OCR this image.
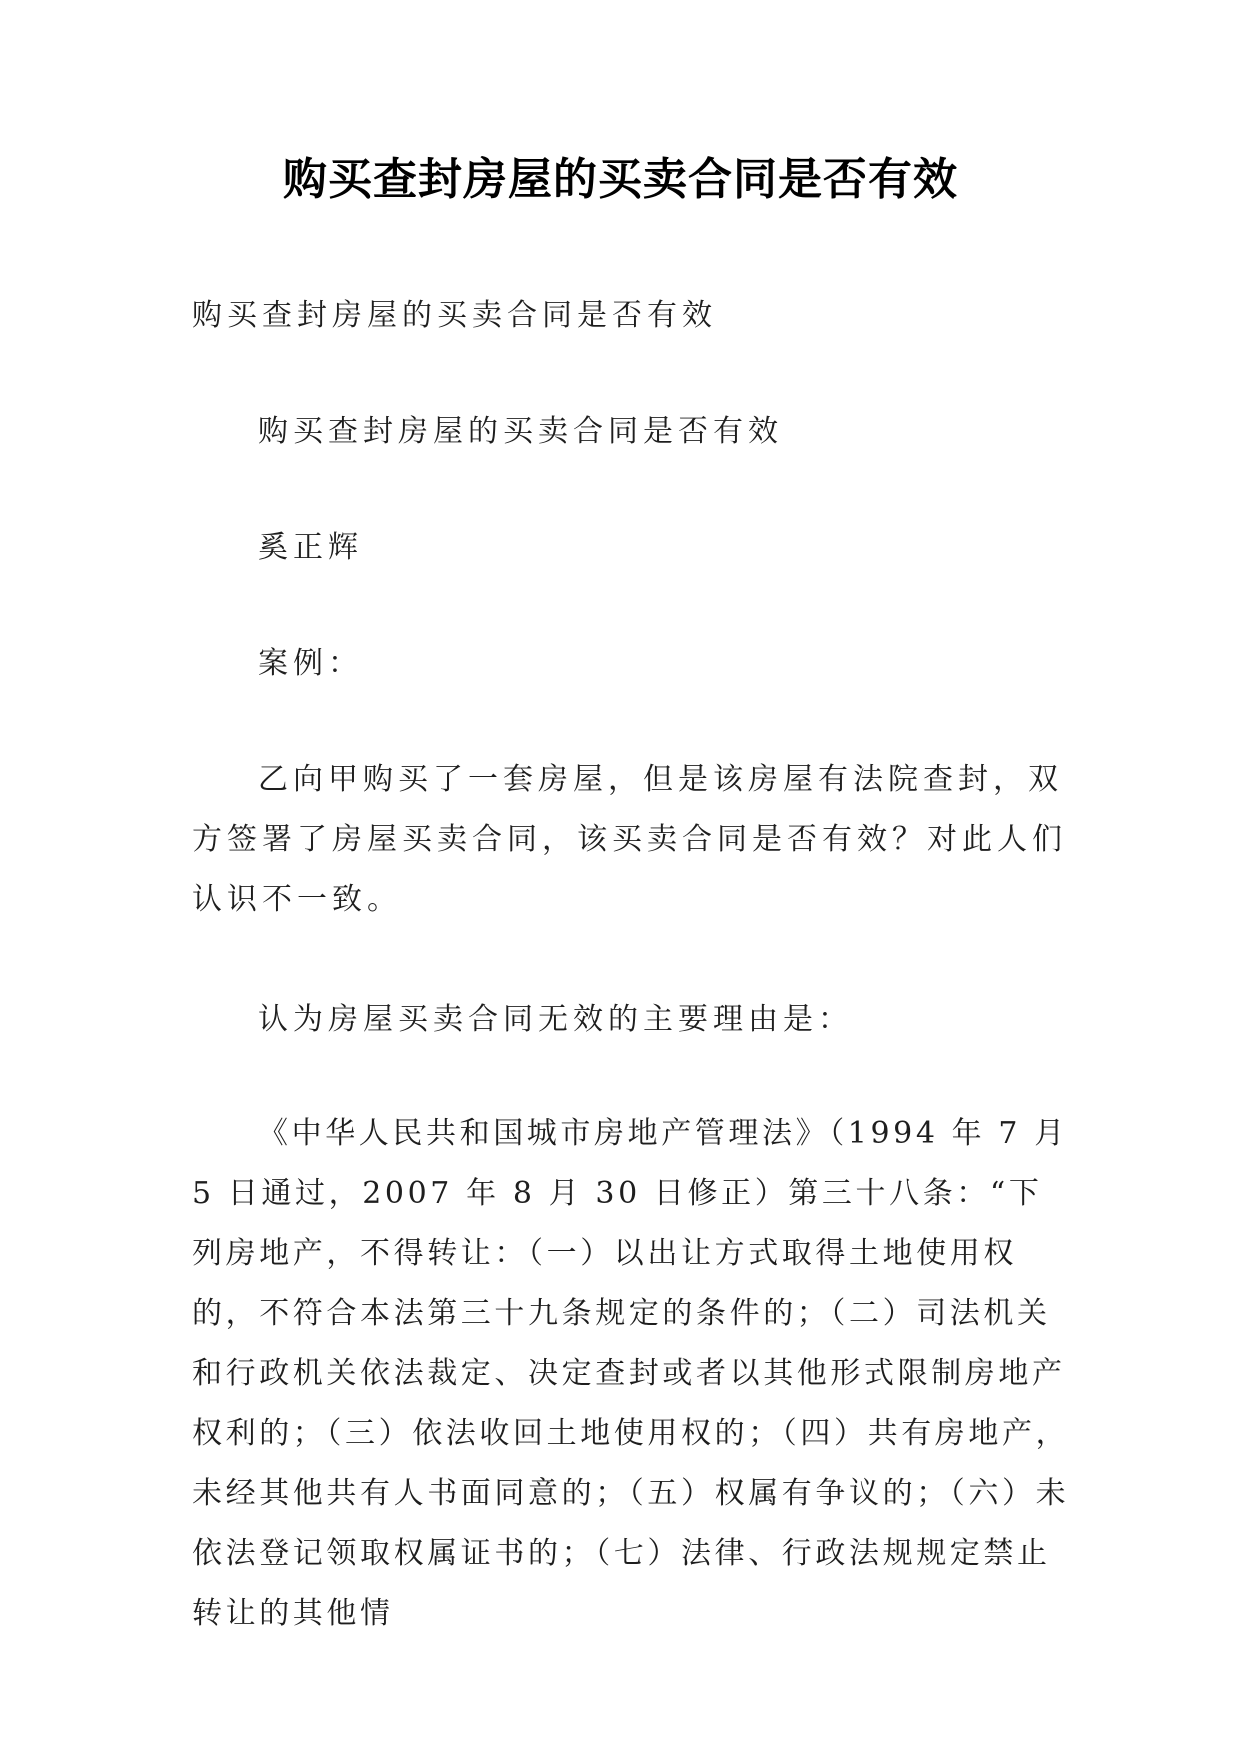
购买查封房屋的买卖合同是否有效
购买查封房屋的买卖合同是否有效
购买查封房屋的买卖合同是否有效
奚正辉
案例：

乙向甲购买了一套房屋，但是该房屋有法院查封，双方签署了房屋买卖合同，该买卖合同是否有效？对此人们认识不一致。

认为房屋买卖合同无效的主要理由是：

《中华人民共和国城市房地产管理法》（1994 年 7 月 5 日通过，2007 年 8 月 30 日修正）第三十八条：“下列房地产，不得转让：（一）以出让方式取得土地使用权的，不符合本法第三十九条规定的条件的；（二）司法机关和行政机关依法裁定、决定查封或者以其他形式限制房地产权利的；（三）依法收回土地使用权的；（四）共有房地产，未经其他共有人书面同意的；（五）权属有争议的；（六）未依法登记领取权属证书的；（七）法律、行政法规规定禁止转让的其他情
